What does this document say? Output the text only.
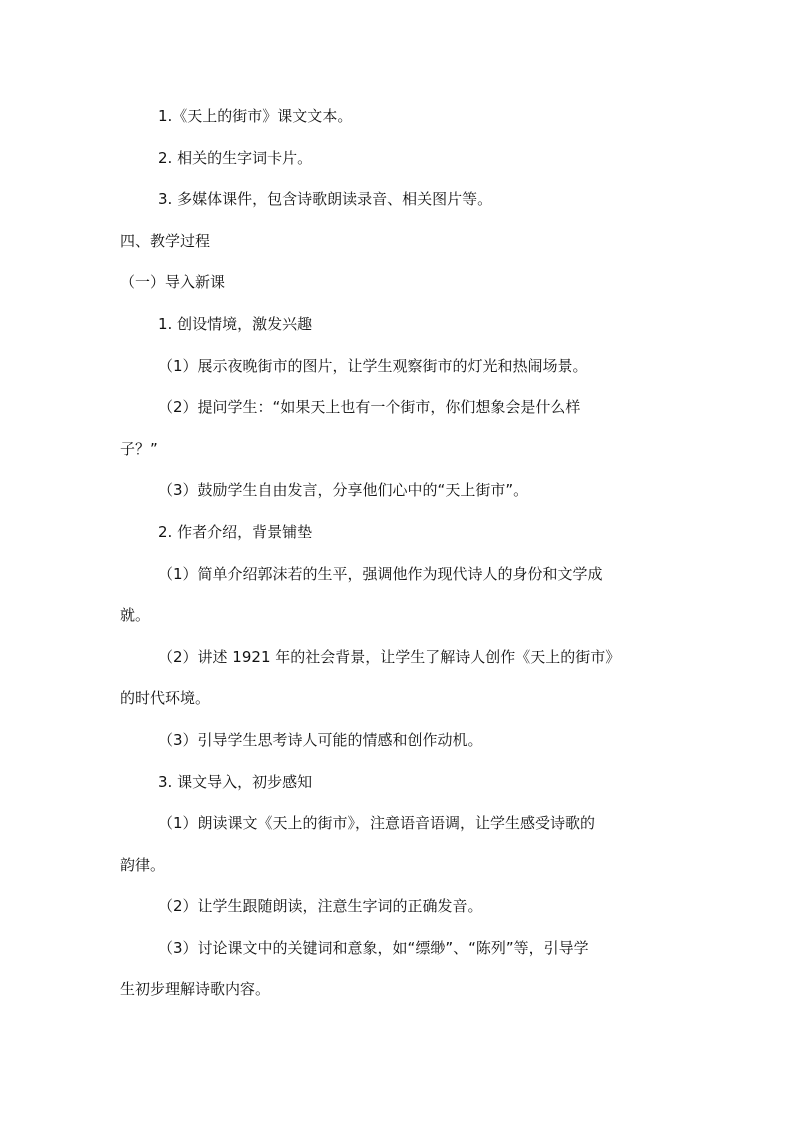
1.《天上的街市》课文文本。
2. 相关的生字词卡片。
3. 多媒体课件，包含诗歌朗读录音、相关图片等。
四、教学过程
（一）导入新课
1. 创设情境，激发兴趣
（1）展示夜晚街市的图片，让学生观察街市的灯光和热闹场景。
（2）提问学生：“如果天上也有一个街市，你们想象会是什么样
子？”
（3）鼓励学生自由发言，分享他们心中的“天上街市”。
2. 作者介绍，背景铺垫
（1）简单介绍郭沫若的生平，强调他作为现代诗人的身份和文学成
就。
（2）讲述 1921 年的社会背景，让学生了解诗人创作《天上的街市》
的时代环境。
（3）引导学生思考诗人可能的情感和创作动机。
3. 课文导入，初步感知
（1）朗读课文《天上的街市》，注意语音语调，让学生感受诗歌的
韵律。
（2）让学生跟随朗读，注意生字词的正确发音。
（3）讨论课文中的关键词和意象，如“缥缈”、“陈列”等，引导学
生初步理解诗歌内容。
